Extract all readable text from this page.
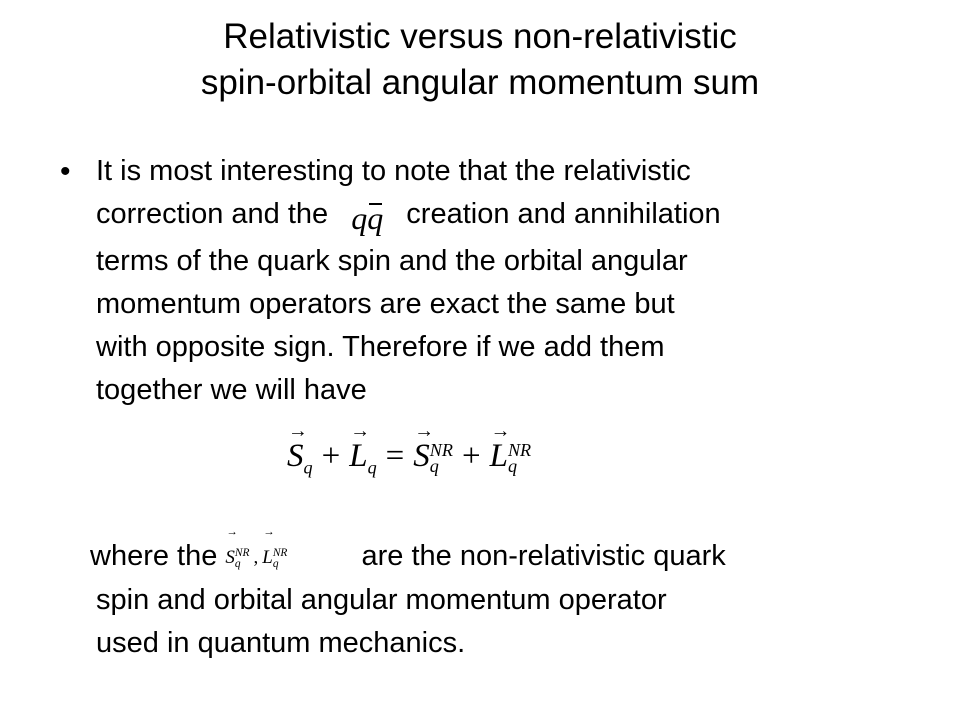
Relativistic versus non-relativistic
spin-orbital angular momentum sum
• It is most interesting to note that the relativistic
correction and the qq creation and annihilation
terms of the quark spin and the orbital angular
momentum operators are exact the same but
with opposite sign. Therefore if we add them
together we will have
→
$S_q$ +
→
$L_q$ =
→
S NR
q +
→
L NR
q
where the
→
S NR
q ,
→
L NR
q	are the non-relativistic quark
spin and orbital angular momentum operator
used in quantum mechanics.
